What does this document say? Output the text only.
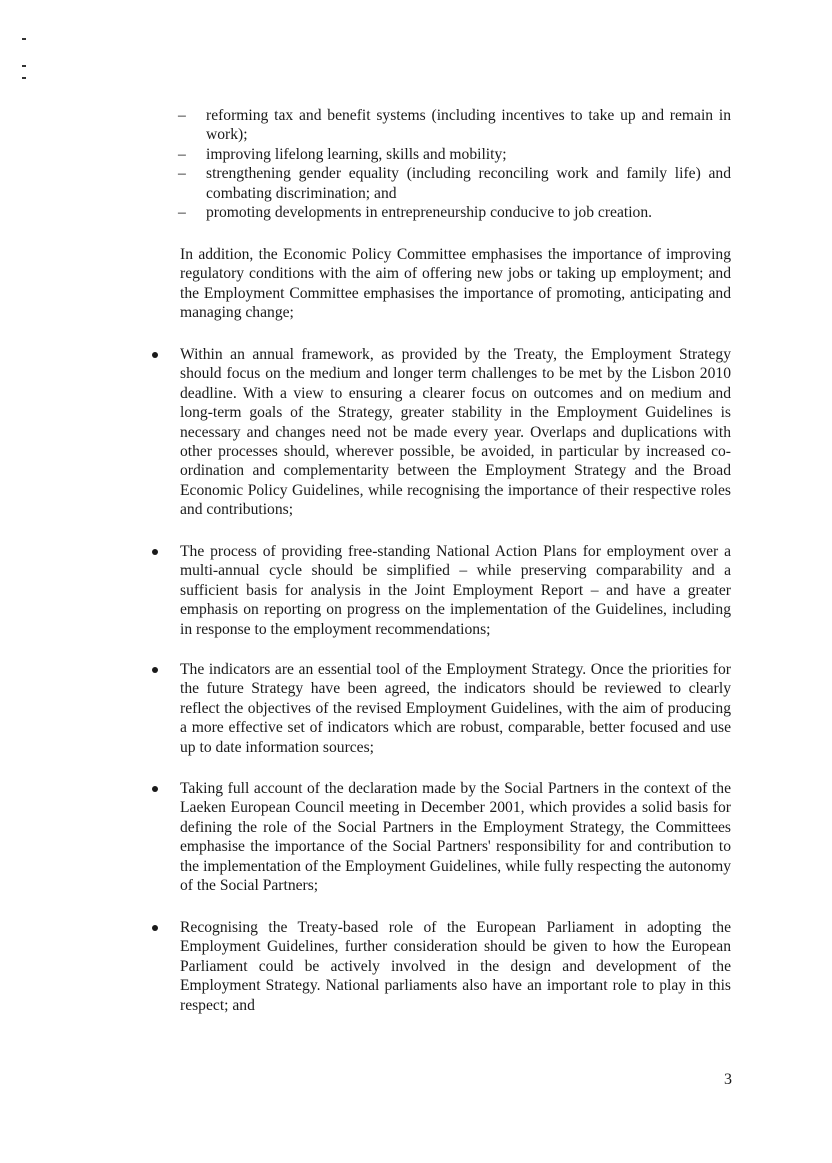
– reforming tax and benefit systems (including incentives to take up and remain in work);
– improving lifelong learning, skills and mobility;
– strengthening gender equality (including reconciling work and family life) and combating discrimination; and
– promoting developments in entrepreneurship conducive to job creation.

In addition, the Economic Policy Committee emphasises the importance of improving regulatory conditions with the aim of offering new jobs or taking up employment; and the Employment Committee emphasises the importance of promoting, anticipating and managing change;

Within an annual framework, as provided by the Treaty, the Employment Strategy should focus on the medium and longer term challenges to be met by the Lisbon 2010 deadline. With a view to ensuring a clearer focus on outcomes and on medium and long-term goals of the Strategy, greater stability in the Employment Guidelines is necessary and changes need not be made every year. Overlaps and duplications with other processes should, wherever possible, be avoided, in particular by increased co-ordination and complementarity between the Employment Strategy and the Broad Economic Policy Guidelines, while recognising the importance of their respective roles and contributions;
The process of providing free-standing National Action Plans for employment over a multi-annual cycle should be simplified – while preserving comparability and a sufficient basis for analysis in the Joint Employment Report – and have a greater emphasis on reporting on progress on the implementation of the Guidelines, including in response to the employment recommendations;
The indicators are an essential tool of the Employment Strategy. Once the priorities for the future Strategy have been agreed, the indicators should be reviewed to clearly reflect the objectives of the revised Employment Guidelines, with the aim of producing a more effective set of indicators which are robust, comparable, better focused and use up to date information sources;
Taking full account of the declaration made by the Social Partners in the context of the Laeken European Council meeting in December 2001, which provides a solid basis for defining the role of the Social Partners in the Employment Strategy, the Committees emphasise the importance of the Social Partners' responsibility for and contribution to the implementation of the Employment Guidelines, while fully respecting the autonomy of the Social Partners;
Recognising the Treaty-based role of the European Parliament in adopting the Employment Guidelines, further consideration should be given to how the European Parliament could be actively involved in the design and development of the Employment Strategy. National parliaments also have an important role to play in this respect; and
3
